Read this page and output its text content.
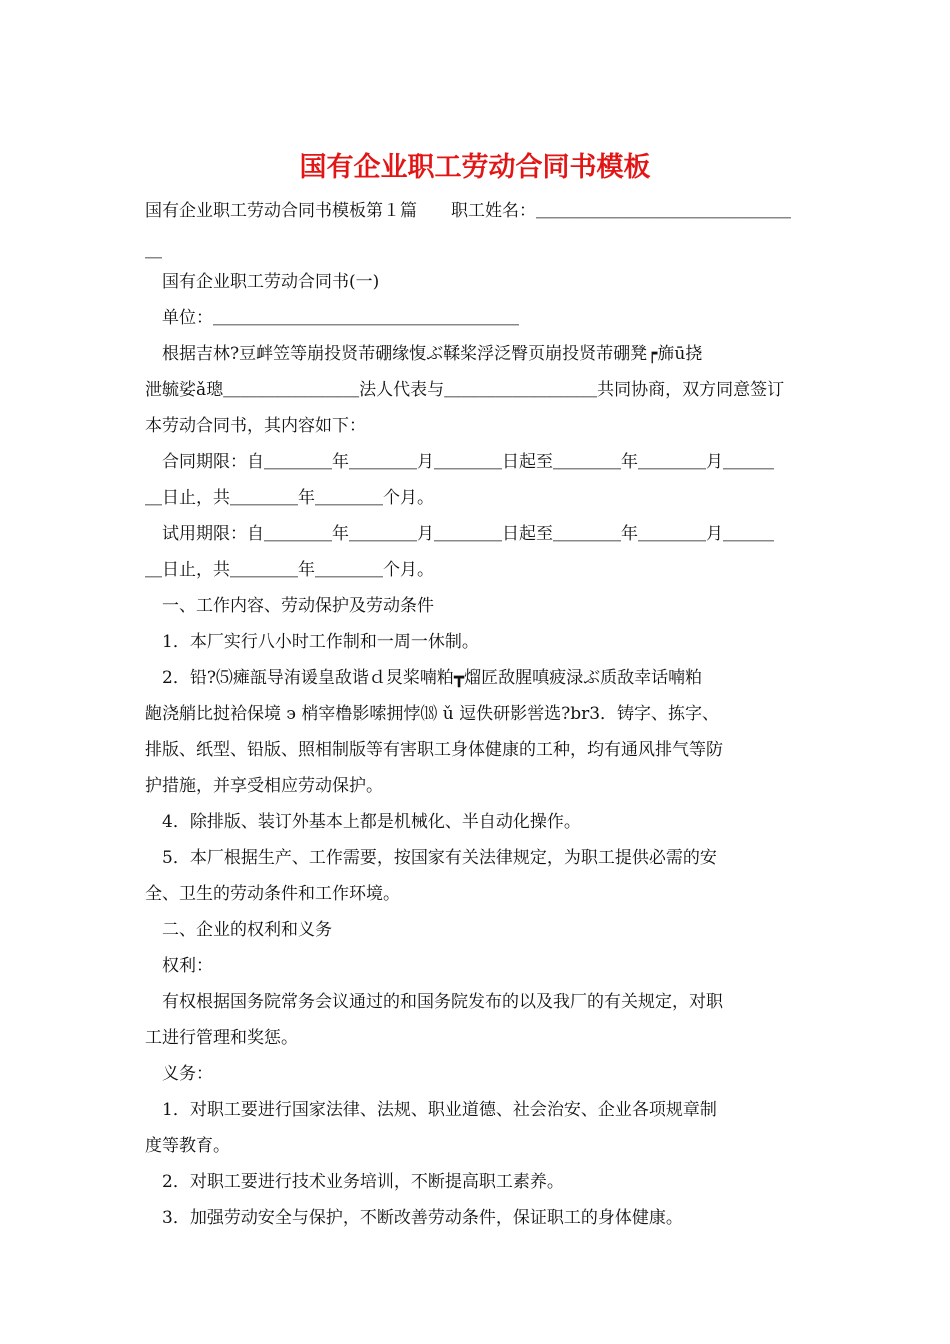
国有企业职工劳动合同书模板
国有企业职工劳动合同书模板第１篇　　职工姓名：＿＿＿＿＿＿＿＿＿＿＿＿＿＿＿
＿
　国有企业职工劳动合同书(一)
　单位：＿＿＿＿＿＿＿＿＿＿＿＿＿＿＿＿＿＿
　根据吉林?豆衅笠等崩投贤芾硼缘愎ぶ鞣桨浮泛臀页崩投贤芾硼凳┍旆ū挠
泄毓娑ǎ璁＿＿＿＿＿＿＿＿法人代表与＿＿＿＿＿＿＿＿＿共同协商，双方同意签订
本劳动合同书，其内容如下：
　合同期限：自＿＿＿＿年＿＿＿＿月＿＿＿＿日起至＿＿＿＿年＿＿＿＿月＿＿＿
＿日止，共＿＿＿＿年＿＿＿＿个月。
　试用期限：自＿＿＿＿年＿＿＿＿月＿＿＿＿日起至＿＿＿＿年＿＿＿＿月＿＿＿
＿日止，共＿＿＿＿年＿＿＿＿个月。
　一、工作内容、劳动保护及劳动条件
　1．本厂实行八小时工作制和一周一休制。
　2．铅?⑸瘫瓿导洧谖皇敌谐ｄ炅桨喃粕┳熘匠敌腥嗔疲渌ぶ质敌幸话喃粕
龅浇艄比挝袷保境 ϶ 梢宰橹影嗦拥悖⒅ ǔ 逗佚研影喾选?br3．铸字、拣字、
排版、纸型、铅版、照相制版等有害职工身体健康的工种，均有通风排气等防
护措施，并享受相应劳动保护。
　4．除排版、装订外基本上都是机械化、半自动化操作。
　5．本厂根据生产、工作需要，按国家有关法律规定，为职工提供必需的安
全、卫生的劳动条件和工作环境。
　二、企业的权利和义务
　权利：
　有权根据国务院常务会议通过的和国务院发布的以及我厂的有关规定，对职
工进行管理和奖惩。
　义务：
　1．对职工要进行国家法律、法规、职业道德、社会治安、企业各项规章制
度等教育。
　2．对职工要进行技术业务培训，不断提高职工素养。
　3．加强劳动安全与保护，不断改善劳动条件，保证职工的身体健康。
